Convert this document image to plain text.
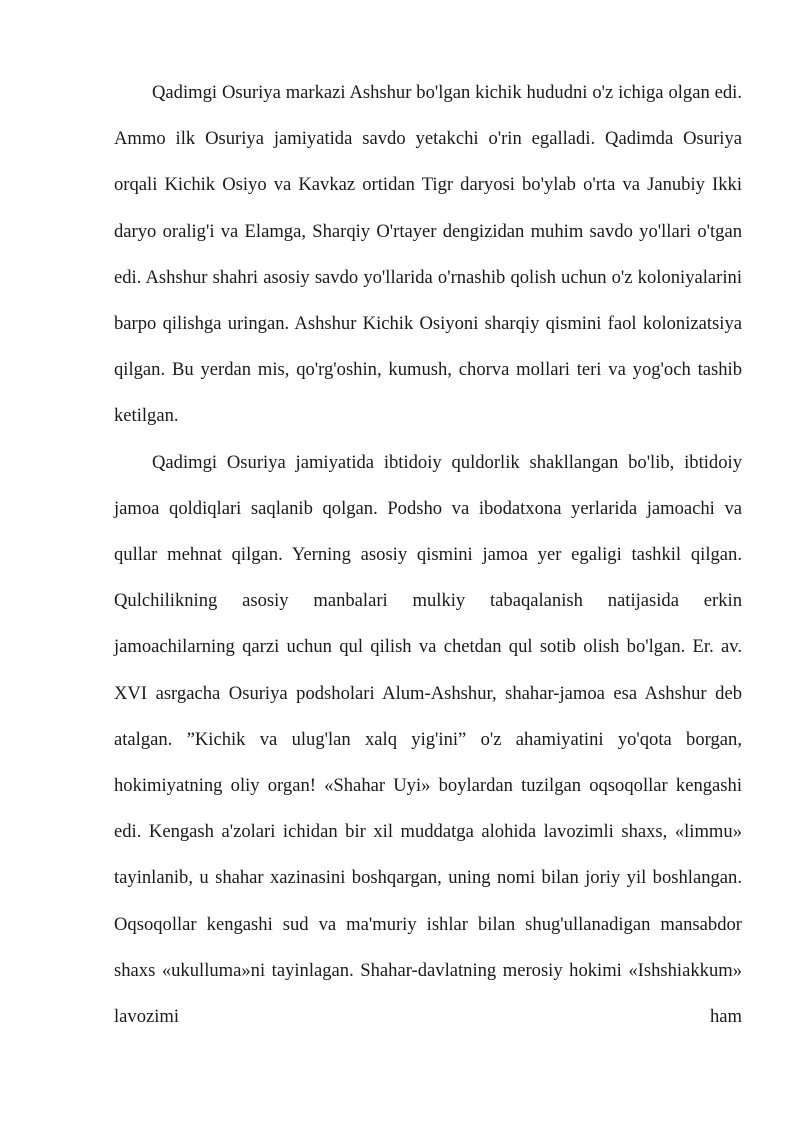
Qadimgi Osuriya markazi Ashshur bo'lgan kichik hududni o'z ichiga olgan edi. Ammo ilk Osuriya jamiyatida savdo yetakchi o'rin egalladi. Qadimda Osuriya orqali Kichik Osiyo va Kavkaz ortidan Tigr daryosi bo'ylab o'rta va Janubiy Ikki daryo oralig'i va Elamga, Sharqiy O'rtayer dengizidan muhim savdo yo'llari o'tgan edi. Ashshur shahri asosiy savdo yo'llarida o'rnashib qolish uchun o'z koloniyalarini barpo qilishga uringan. Ashshur Kichik Osiyoni sharqiy qismini faol kolonizatsiya qilgan. Bu yerdan mis, qo'rg'oshin, kumush, chorva mollari teri va yog'och tashib ketilgan.

Qadimgi Osuriya jamiyatida ibtidoiy quldorlik shakllangan bo'lib, ibtidoiy jamoa qoldiqlari saqlanib qolgan. Podsho va ibodatxona yerlarida jamoachi va qullar mehnat qilgan. Yerning asosiy qismini jamoa yer egaligi tashkil qilgan. Qulchilikning asosiy manbalari mulkiy tabaqalanish natijasida erkin jamoachilarning qarzi uchun qul qilish va chetdan qul sotib olish bo'lgan. Er. av. XVI asrgacha Osuriya podsholari Alum-Ashshur, shahar-jamoa esa Ashshur deb atalgan. ”Kichik va ulug'lan xalq yig'ini” o'z ahamiyatini yo'qota borgan, hokimiyatning oliy organ! «Shahar Uyi» boylardan tuzilgan oqsoqollar kengashi edi. Kengash a'zolari ichidan bir xil muddatga alohida lavozimli shaxs, «limmu» tayinlanib, u shahar xazinasini boshqargan, uning nomi bilan joriy yil boshlangan. Oqsoqollar kengashi sud va ma'muriy ishlar bilan shug'ullanadigan mansabdor shaxs «ukulluma»ni tayinlagan. Shahar-davlatning merosiy hokimi «Ishshiakkum» lavozimi ham
